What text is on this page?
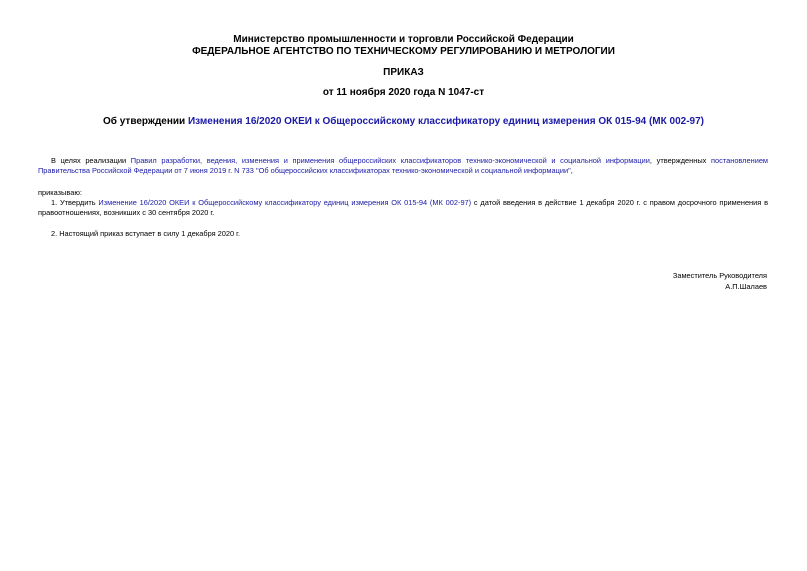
Министерство промышленности и торговли Российской Федерации
ФЕДЕРАЛЬНОЕ АГЕНТСТВО ПО ТЕХНИЧЕСКОМУ РЕГУЛИРОВАНИЮ И МЕТРОЛОГИИ
ПРИКАЗ
от 11 ноября 2020 года N 1047-ст
Об утверждении Изменения 16/2020 ОКЕИ к Общероссийскому классификатору единиц измерения ОК 015-94 (МК 002-97)
В целях реализации Правил разработки, ведения, изменения и применения общероссийских классификаторов технико-экономической и социальной информации, утвержденных постановлением Правительства Российской Федерации от 7 июня 2019 г. N 733 "Об общероссийских классификаторах технико-экономической и социальной информации",
приказываю:
1. Утвердить Изменение 16/2020 ОКЕИ к Общероссийскому классификатору единиц измерения ОК 015-94 (МК 002-97) с датой введения в действие 1 декабря 2020 г. с правом досрочного применения в правоотношениях, возникших с 30 сентября 2020 г.
2. Настоящий приказ вступает в силу 1 декабря 2020 г.
Заместитель Руководителя
А.П.Шалаев
